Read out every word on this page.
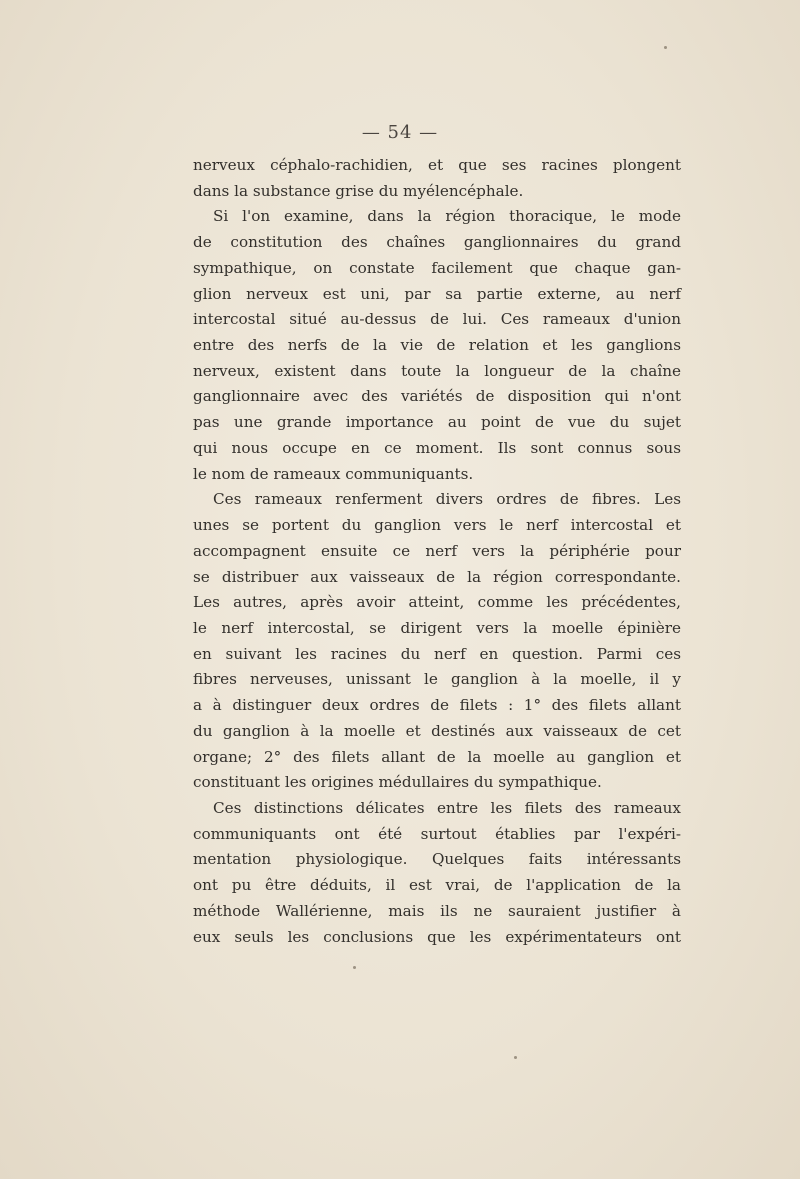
— 54 —
nerveux céphalo-rachidien, et que ses racines plongent
dans la substance grise du myélencéphale.
Si l'on examine, dans la région thoracique, le mode
de constitution des chaînes ganglionnaires du grand
sympathique, on constate facilement que chaque gan-
glion nerveux est uni, par sa partie externe, au nerf
intercostal situé au-dessus de lui. Ces rameaux d'union
entre des nerfs de la vie de relation et les ganglions
nerveux, existent dans toute la longueur de la chaîne
ganglionnaire avec des variétés de disposition qui n'ont
pas une grande importance au point de vue du sujet
qui nous occupe en ce moment. Ils sont connus sous
le nom de rameaux communiquants.
Ces rameaux renferment divers ordres de fibres. Les
unes se portent du ganglion vers le nerf intercostal et
accompagnent ensuite ce nerf vers la périphérie pour
se distribuer aux vaisseaux de la région correspondante.
Les autres, après avoir atteint, comme les précédentes,
le nerf intercostal, se dirigent vers la moelle épinière
en suivant les racines du nerf en question. Parmi ces
fibres nerveuses, unissant le ganglion à la moelle, il y
a à distinguer deux ordres de filets : 1° des filets allant
du ganglion à la moelle et destinés aux vaisseaux de cet
organe; 2° des filets allant de la moelle au ganglion et
constituant les origines médullaires du sympathique.
Ces distinctions délicates entre les filets des rameaux
communiquants ont été surtout établies par l'expéri-
mentation physiologique. Quelques faits intéressants
ont pu être déduits, il est vrai, de l'application de la
méthode Wallérienne, mais ils ne sauraient justifier à
eux seuls les conclusions que les expérimentateurs ont
